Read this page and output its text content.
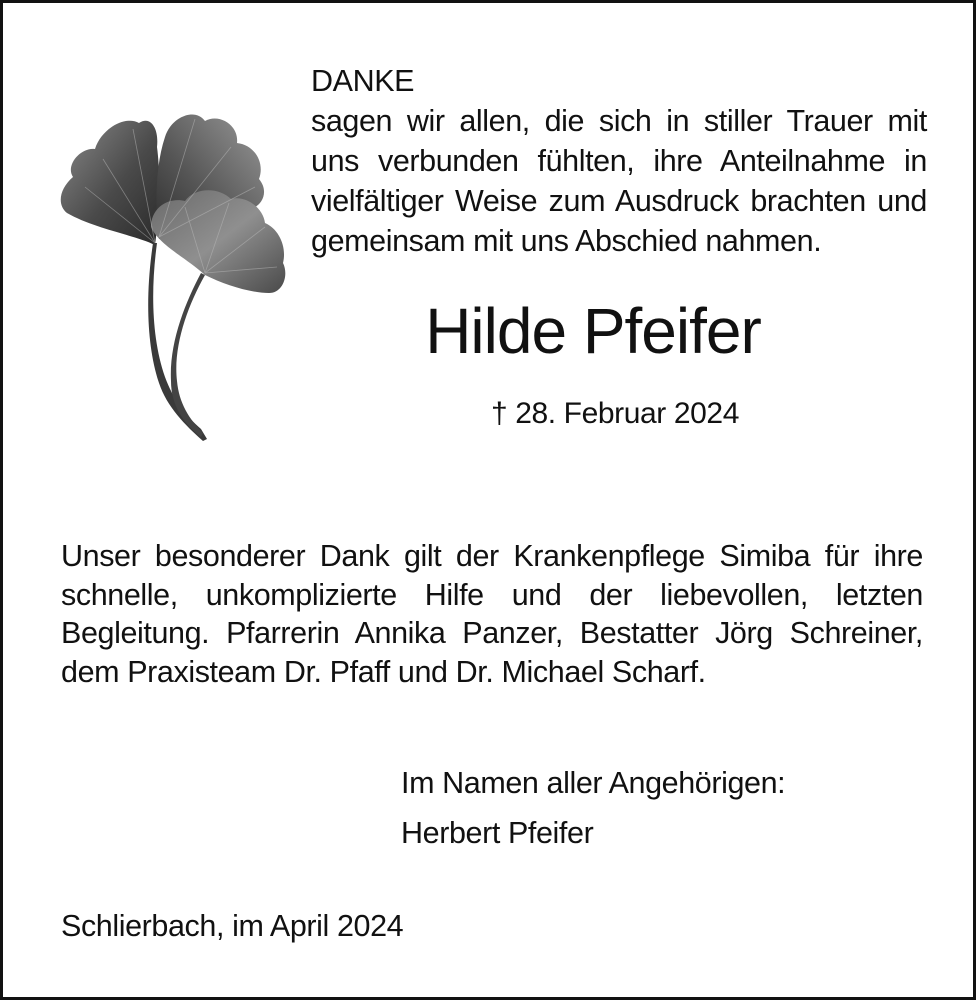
DANKE
sagen wir allen, die sich in stiller Trauer mit uns verbunden fühlten, ihre Anteilnahme in vielfältiger Weise zum Ausdruck brachten und gemeinsam mit uns Abschied nahmen.
Hilde Pfeifer
† 28. Februar 2024
Unser besonderer Dank gilt der Krankenpflege Simiba für ihre schnelle, unkomplizierte Hilfe und der liebevollen, letzten Begleitung. Pfarrerin Annika Panzer, Bestatter Jörg Schreiner, dem Praxisteam Dr. Pfaff und Dr. Michael Scharf.
Im Namen aller Angehörigen:
Herbert Pfeifer
Schlierbach, im April 2024
